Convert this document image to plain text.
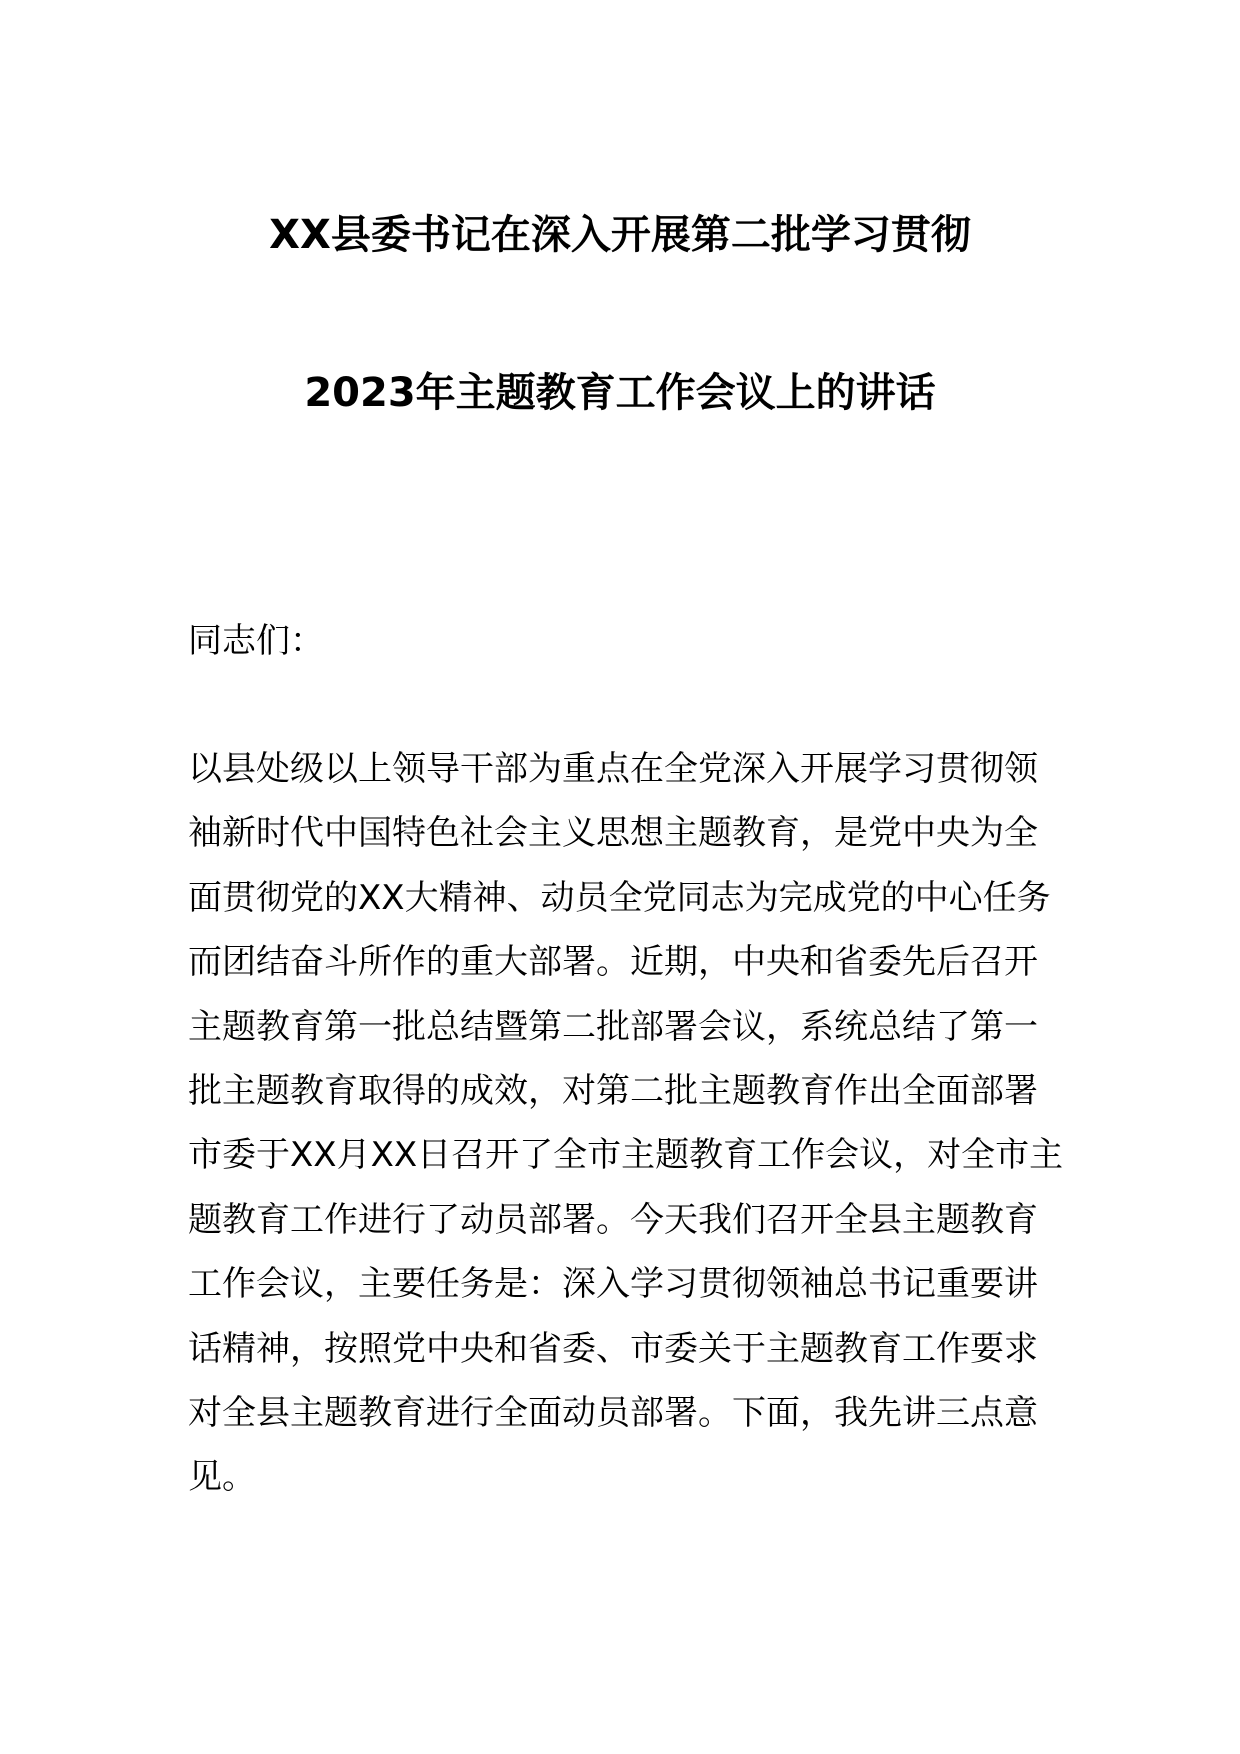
XX县委书记在深入开展第二批学习贯彻
2023年主题教育工作会议上的讲话
同志们：
以县处级以上领导干部为重点在全党深入开展学习贯彻领
袖新时代中国特色社会主义思想主题教育，是党中央为全
面贯彻党的XX大精神、动员全党同志为完成党的中心任务
而团结奋斗所作的重大部署。近期，中央和省委先后召开
主题教育第一批总结暨第二批部署会议，系统总结了第一
批主题教育取得的成效，对第二批主题教育作出全面部署
市委于XX月XX日召开了全市主题教育工作会议，对全市主
题教育工作进行了动员部署。今天我们召开全县主题教育
工作会议，主要任务是：深入学习贯彻领袖总书记重要讲
话精神，按照党中央和省委、市委关于主题教育工作要求
对全县主题教育进行全面动员部署。下面，我先讲三点意
见。
